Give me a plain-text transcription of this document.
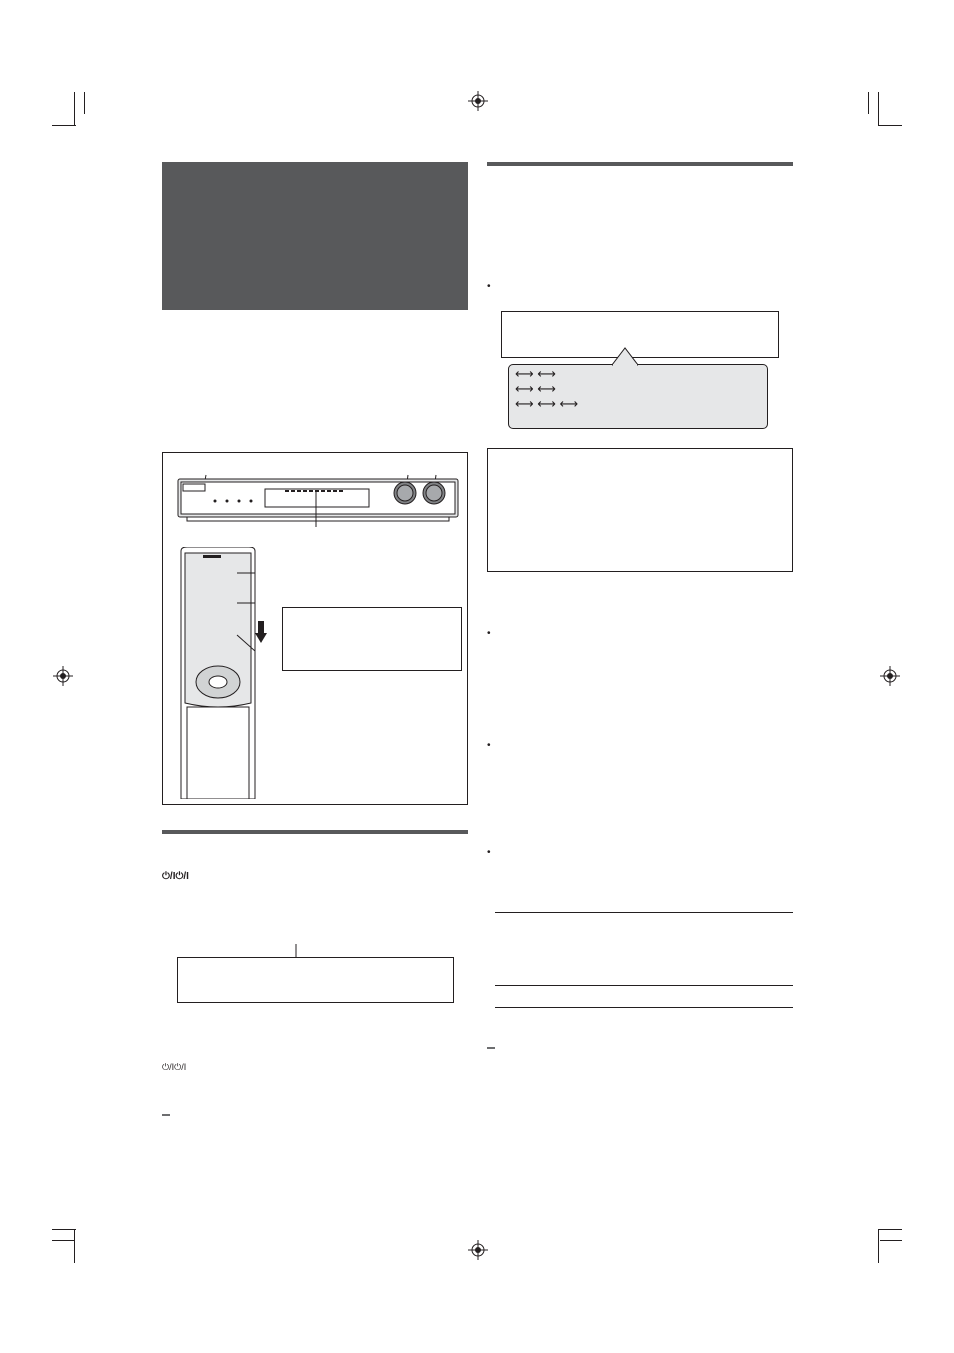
⏻/I⏻/I
⏻/I⏻/I
•
⟷ ⟷
⟷ ⟷
⟷ ⟷ ⟷
•
•
•
